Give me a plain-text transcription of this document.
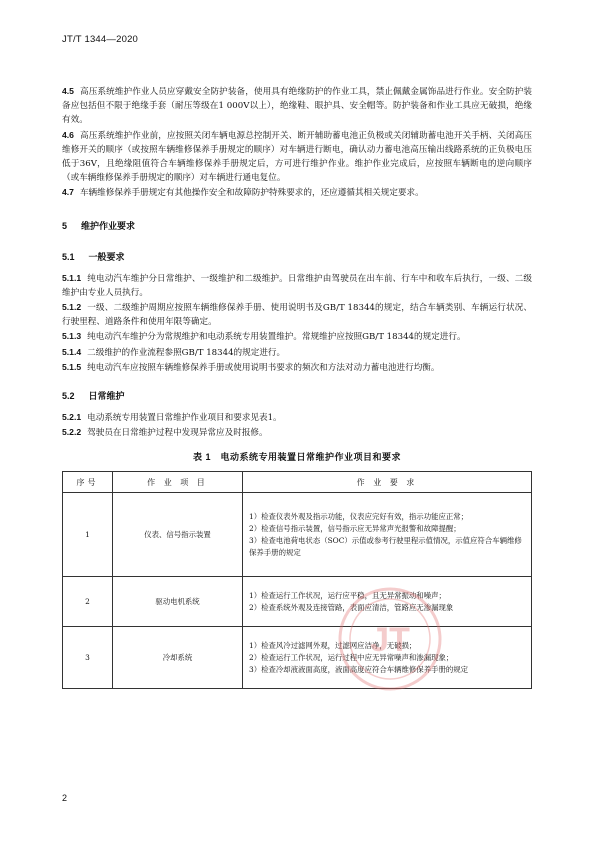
JT/T 1344—2020
4.5 高压系统维护作业人员应穿戴安全防护装备，使用具有绝缘防护的作业工具，禁止佩戴金属饰品进行作业。安全防护装备应包括但不限于绝缘手套（耐压等级在1 000V以上），绝缘鞋、眼护具、安全帽等。防护装备和作业工具应无破损，绝缘有效。
4.6 高压系统维护作业前，应按照关闭车辆电源总控制开关、断开辅助蓄电池正负极或关闭辅助蓄电池开关手柄、关闭高压维修开关的顺序（或按照车辆维修保养手册规定的顺序）对车辆进行断电，确认动力蓄电池高压输出线路系统的正负极电压低于36V，且绝缘阻值符合车辆维修保养手册规定后，方可进行维护作业。维护作业完成后，应按照车辆断电的逆向顺序（或车辆维修保养手册规定的顺序）对车辆进行通电复位。
4.7 车辆维修保养手册规定有其他操作安全和故障防护特殊要求的，还应遵循其相关规定要求。
5 维护作业要求
5.1 一般要求
5.1.1 纯电动汽车维护分日常维护、一级维护和二级维护。日常维护由驾驶员在出车前、行车中和收车后执行，一级、二级维护由专业人员执行。
5.1.2 一级、二级维护周期应按照车辆维修保养手册、使用说明书及GB/T 18344的规定，结合车辆类别、车辆运行状况、行驶里程、道路条件和使用年限等确定。
5.1.3 纯电动汽车维护分为常规维护和电动系统专用装置维护。常规维护应按照GB/T 18344的规定进行。
5.1.4 二级维护的作业流程参照GB/T 18344的规定进行。
5.1.5 纯电动汽车应按照车辆维修保养手册或使用说明书要求的频次和方法对动力蓄电池进行均衡。
5.2 日常维护
5.2.1 电动系统专用装置日常维护作业项目和要求见表1。
5.2.2 驾驶员在日常维护过程中发现异常应及时报修。
表 1　电动系统专用装置日常维护作业项目和要求
序号	作 业 项 目	作 业 要 求
1	仪表、信号指示装置	1）检查仪表外观及指示功能，仪表应完好有效，指示功能应正常；
2）检查信号指示装置，信号指示应无异常声光报警和故障提醒；
3）检查电池荷电状态（SOC）示值或参考行驶里程示值情况，示值应符合车辆维修保养手册的规定

2	驱动电机系统	1）检查运行工作状况，运行应平稳，且无异常振动和噪声；
2）检查系统外观及连接管路，表面应清洁，管路应无渗漏现象

3	冷却系统	1）检查风冷过滤网外观，过滤网应洁净，无破损；
2）检查运行工作状况，运行过程中应无异常噪声和渗漏现象；
3）检查冷却液液面高度，液面高度应符合车辆维修保养手册的规定
JT
2
